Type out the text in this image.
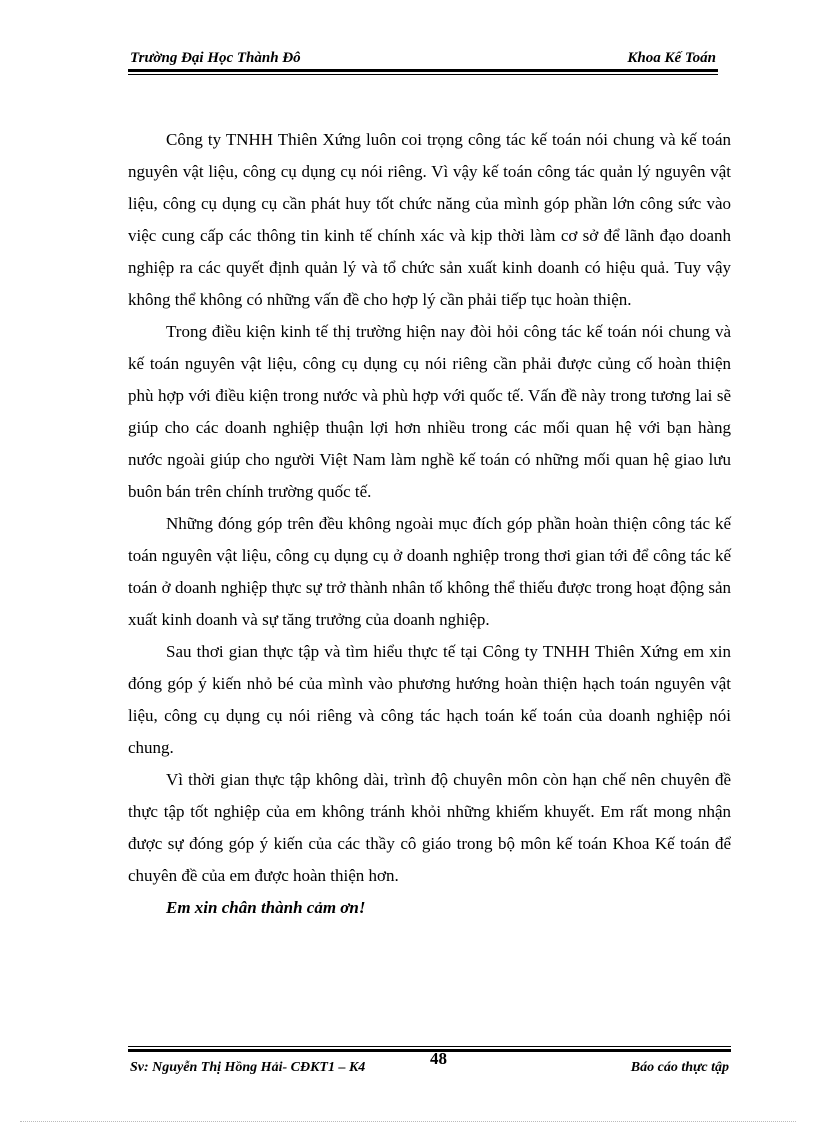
Trường Đại Học Thành Đô	Khoa Kế Toán

Công ty TNHH Thiên Xứng luôn coi trọng công tác kế toán nói chung và kế toán nguyên vật liệu, công cụ dụng cụ nói riêng. Vì vậy kế toán công tác quản lý nguyên vật liệu, công cụ dụng cụ cần phát huy tốt chức năng của mình góp phần lớn công sức vào việc cung cấp các thông tin kinh tế chính xác và kịp thời làm cơ sở để lãnh đạo doanh nghiệp ra các quyết định quản lý và tổ chức sản xuất kinh doanh có hiệu quả. Tuy vậy không thể không có những vấn đề cho hợp lý cần phải tiếp tục hoàn thiện.

Trong điều kiện kinh tế thị trường hiện nay đòi hỏi công tác kế toán nói chung và kế toán nguyên vật liệu, công cụ dụng cụ nói riêng cần phải được củng cố hoàn thiện phù hợp với điều kiện trong nước và phù hợp với quốc tế. Vấn đề này trong tương lai sẽ giúp cho các doanh nghiệp thuận lợi hơn nhiều trong các mối quan hệ với bạn hàng nước ngoài giúp cho người Việt Nam làm nghề kế toán có những mối quan hệ giao lưu buôn bán trên chính trường quốc tế.

Những đóng góp trên đều không ngoài mục đích góp phần hoàn thiện công tác kế toán nguyên vật liệu, công cụ dụng cụ ở doanh nghiệp trong thơi gian tới để công tác kế toán ở doanh nghiệp thực sự trở thành nhân tố không thể thiếu được trong hoạt động sản xuất kinh doanh và sự tăng trưởng của doanh nghiệp.

Sau thơi gian thực tập và tìm hiểu thực tế tại Công ty TNHH Thiên Xứng em xin đóng góp ý kiến nhỏ bé của mình vào phương hướng hoàn thiện hạch toán nguyên vật liệu, công cụ dụng cụ nói riêng và công tác hạch toán kế toán của doanh nghiệp nói chung.

Vì thời gian thực tập không dài, trình độ chuyên môn còn hạn chế nên chuyên đề thực tập tốt nghiệp của em không tránh khỏi những khiếm khuyết. Em rất mong nhận được sự đóng góp ý kiến của các thầy cô giáo trong bộ môn kế toán Khoa Kế toán để chuyên đề của em được hoàn thiện hơn.

Em xin chân thành cảm ơn!

Sv: Nguyễn Thị Hồng Hải- CĐKT1 – K4	48	Báo cáo thực tập
